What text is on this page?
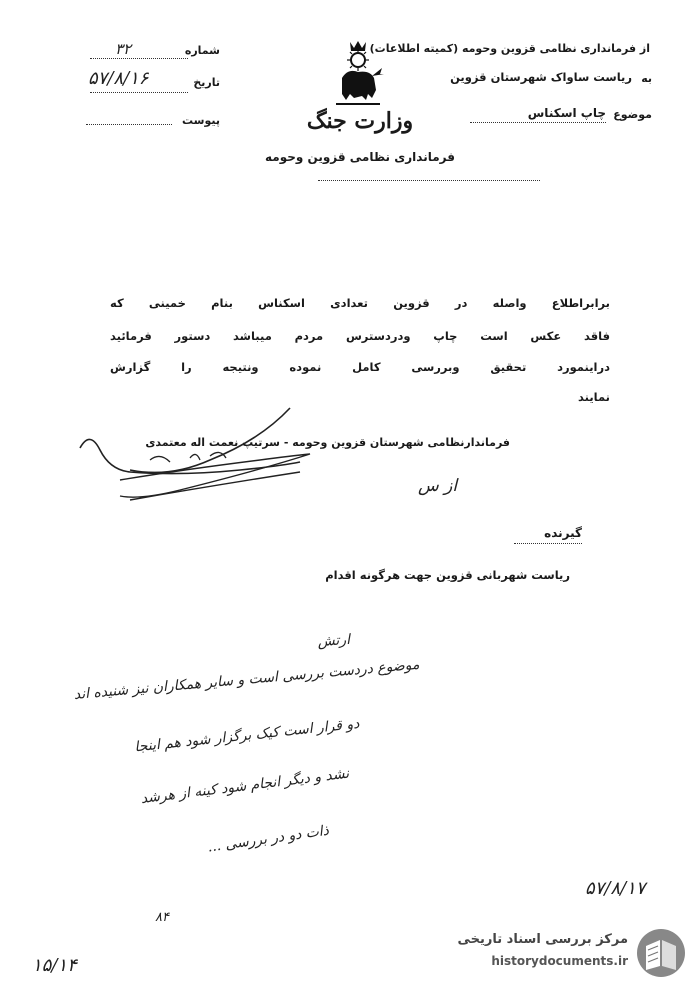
وزارت جنگ
فرمانداری نظامی قزوین وحومه
شماره
۳۲
تاریخ
۵۷/۸/۱۶
پیوست
از فرماندارى نظامى قزوین وحومه (کمیته اطلاعات)
به
ریاست ساواک شهرستان قزوین
موضوع
چاپ اسکناس
برابراطلاع واصله در قزوین تعدادى اسکناس بنام خمینى که
فاقد عکس است چاپ ودردسترس مردم میباشد دستور فرمائید
دراینمورد تحقیق وبررسى کامل نموده ونتیجه را گزارش
نمایند
فرماندارنظامى شهرستان قزوین وحومه - سرتیپ نعمت اله معتمدى
از س
گیرنده
ریاست شهربانى قزوین جهت هرگونه اقدام
ارتش
موضوع دردست بررسی است و ساير همکاران نيز شنيده اند
دو قرار است کيک برگزار شود هم اينجا
نشد و ديگر انجام شود کينه از هرشد
ذات دو در بررسی ...
۸۴
۵۷/۸/۱۷
۱۵/۱۴
مرکز بررسی اسناد تاریخی
historydocuments.ir
